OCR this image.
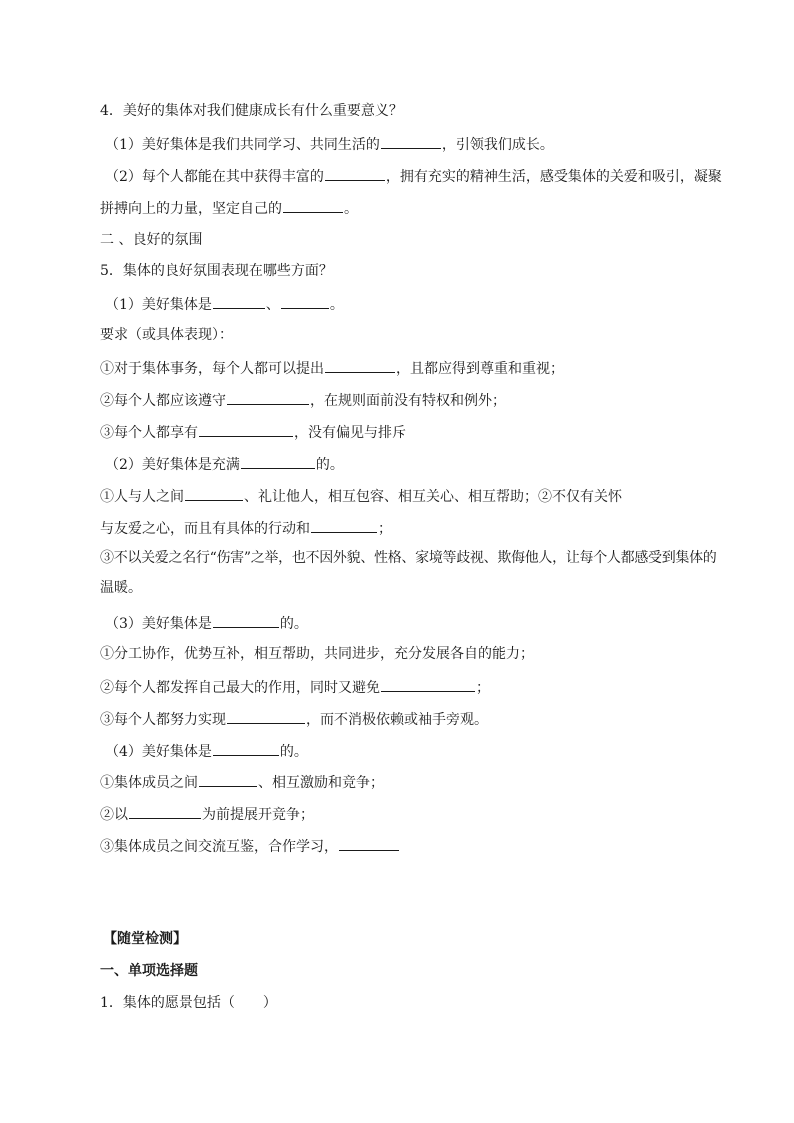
4．美好的集体对我们健康成长有什么重要意义？
（1）美好集体是我们共同学习、共同生活的	，引领我们成长。
（2）每个人都能在其中获得丰富的	，拥有充实的精神生活，感受集体的关爱和吸引，凝聚
拼搏向上的力量，坚定自己的	。
二 、良好的氛围
5．集体的良好氛围表现在哪些方面？
（1）美好集体是	、	。
要求（或具体表现）：
①对于集体事务，每个人都可以提出	，且都应得到尊重和重视；
②每个人都应该遵守	，在规则面前没有特权和例外；
③每个人都享有	，没有偏见与排斥
（2）美好集体是充满	的。
①人与人之间	、礼让他人，相互包容、相互关心、相互帮助；②不仅有关怀
与友爱之心，而且有具体的行动和	；
③不以关爱之名行“伤害”之举，也不因外貌、性格、家境等歧视、欺侮他人，让每个人都感受到集体的
温暖。
（3）美好集体是	的。
①分工协作，优势互补，相互帮助，共同进步，充分发展各自的能力；
②每个人都发挥自己最大的作用，同时又避免	；
③每个人都努力实现	，而不消极依赖或袖手旁观。
（4）美好集体是	的。
①集体成员之间	、相互激励和竞争；
②以	为前提展开竞争；
③集体成员之间交流互鉴，合作学习，
【随堂检测】
一、单项选择题
1．集体的愿景包括（　　）
